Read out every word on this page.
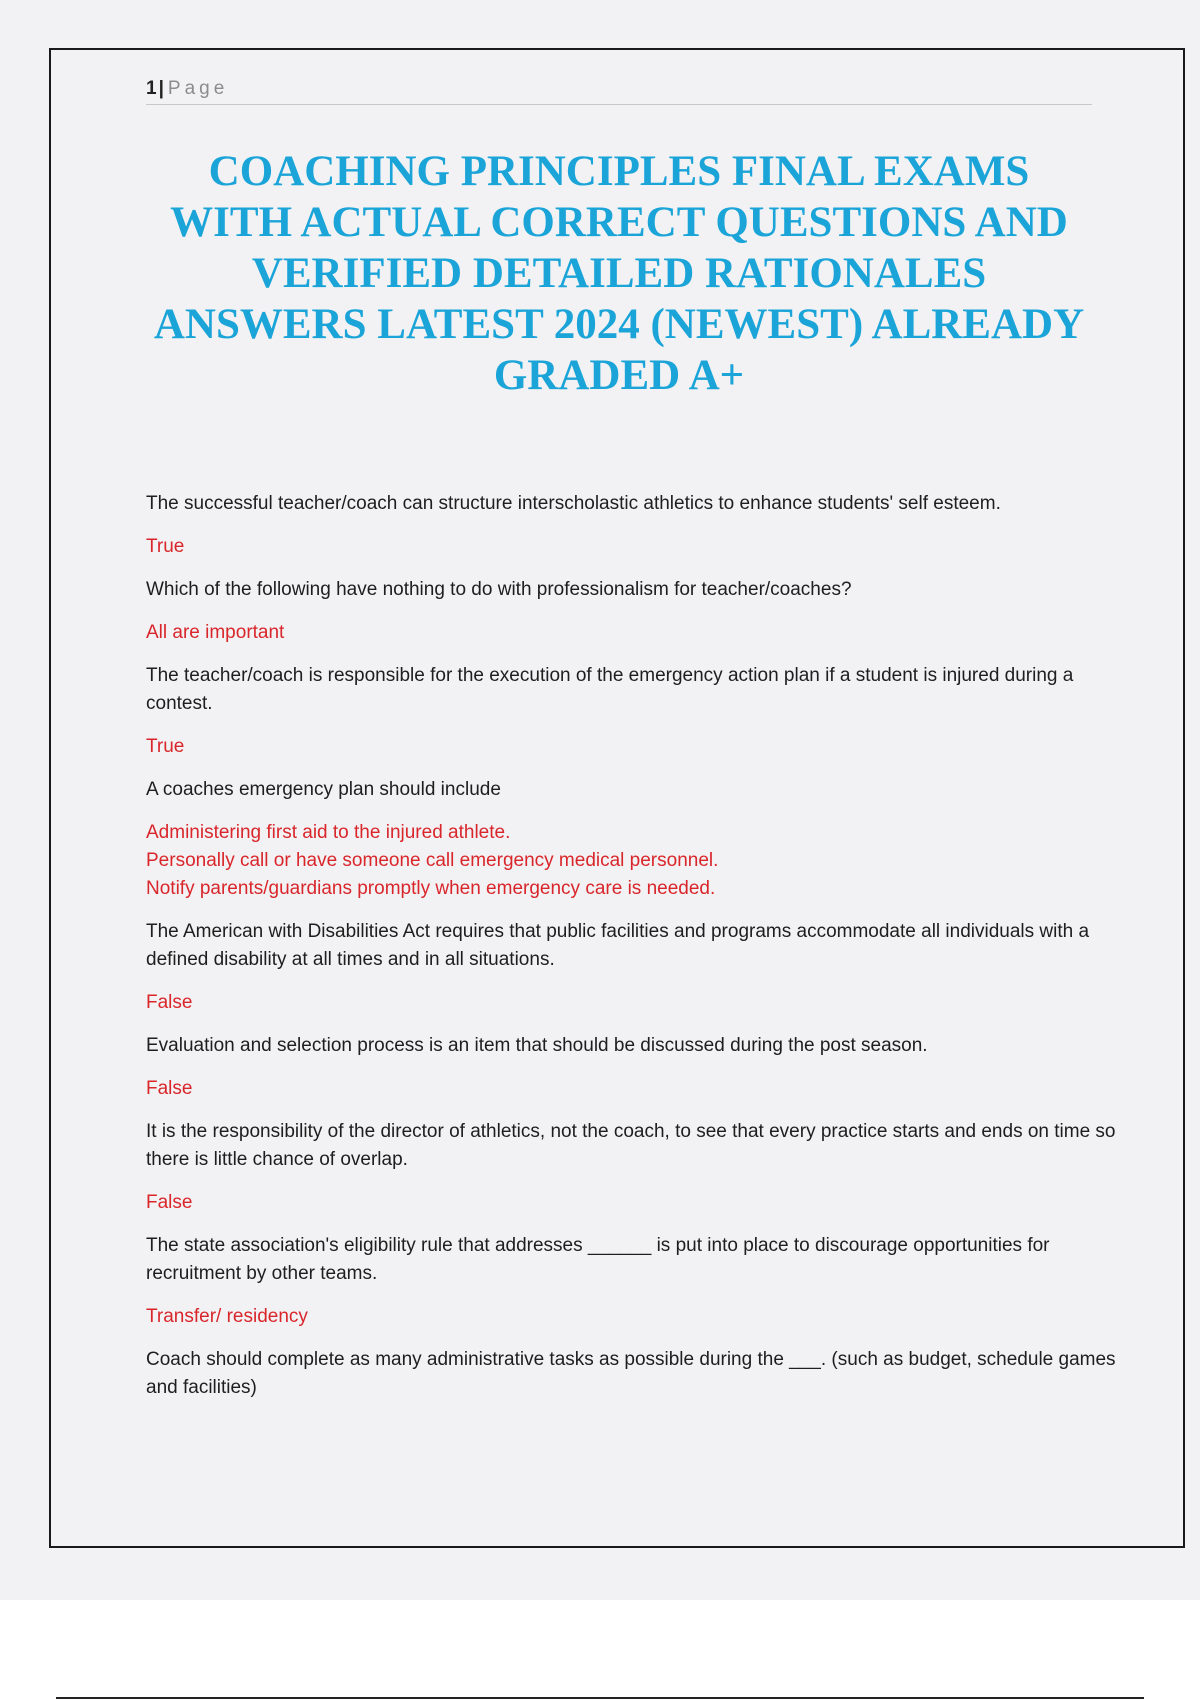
1 | Page
COACHING PRINCIPLES FINAL EXAMS WITH ACTUAL CORRECT QUESTIONS AND VERIFIED DETAILED RATIONALES ANSWERS LATEST 2024 (NEWEST) ALREADY GRADED A+

The successful teacher/coach can structure interscholastic athletics to enhance students' self esteem.

True

Which of the following have nothing to do with professionalism for teacher/coaches?

All are important

The teacher/coach is responsible for the execution of the emergency action plan if a student is injured during a contest.

True

A coaches emergency plan should include

Administering first aid to the injured athlete.

Personally call or have someone call emergency medical personnel.

Notify parents/guardians promptly when emergency care is needed.

The American with Disabilities Act requires that public facilities and programs accommodate all individuals with a defined disability at all times and in all situations.

False

Evaluation and selection process is an item that should be discussed during the post season.

False

It is the responsibility of the director of athletics, not the coach, to see that every practice starts and ends on time so there is little chance of overlap.

False

The state association's eligibility rule that addresses ______ is put into place to discourage opportunities for recruitment by other teams.

Transfer/ residency

Coach should complete as many administrative tasks as possible during the ___. (such as budget, schedule games and facilities)
